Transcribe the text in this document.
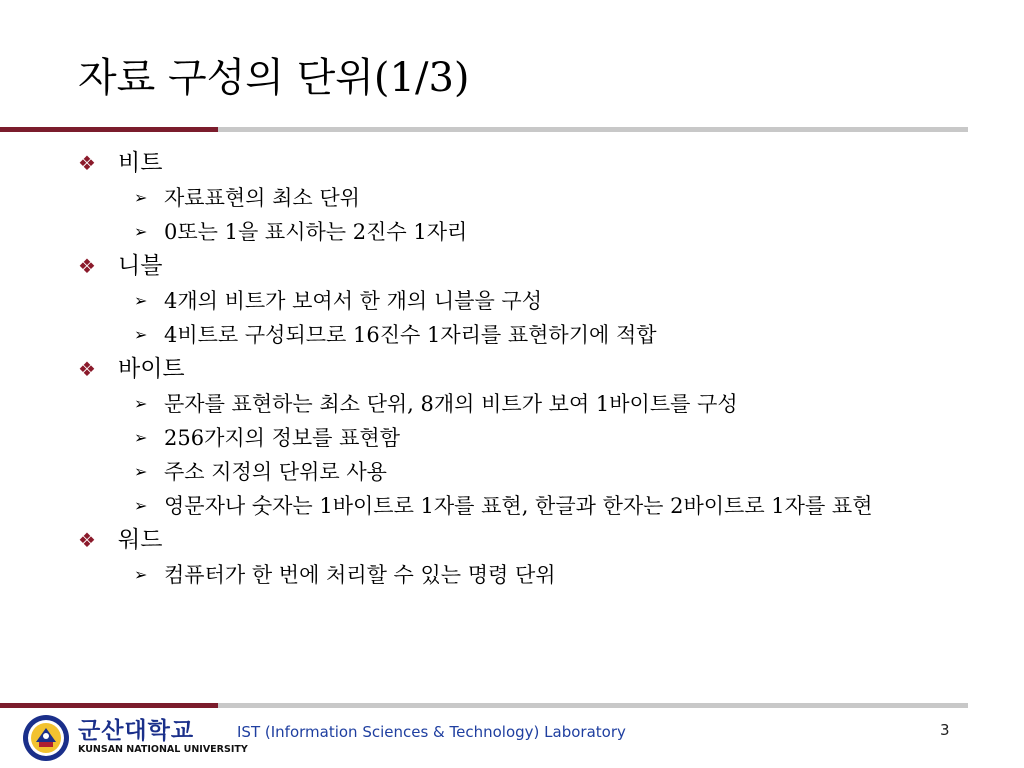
자료 구성의 단위(1/3)
❖ 비트
➢ 자료표현의 최소 단위
➢ 0또는 1을 표시하는 2진수 1자리
❖ 니블
➢ 4개의 비트가 보여서 한 개의 니블을 구성
➢ 4비트로 구성되므로 16진수 1자리를 표현하기에 적합
❖ 바이트
➢ 문자를 표현하는 최소 단위, 8개의 비트가 보여 1바이트를 구성
➢ 256가지의 정보를 표현함
➢ 주소 지정의 단위로 사용
➢ 영문자나 숫자는 1바이트로 1자를 표현, 한글과 한자는 2바이트로 1자를 표현
❖ 워드
➢ 컴퓨터가 한 번에 처리할 수 있는 명령 단위
군산대학교
KUNSAN NATIONAL UNIVERSITY
IST (Information Sciences & Technology) Laboratory	3
